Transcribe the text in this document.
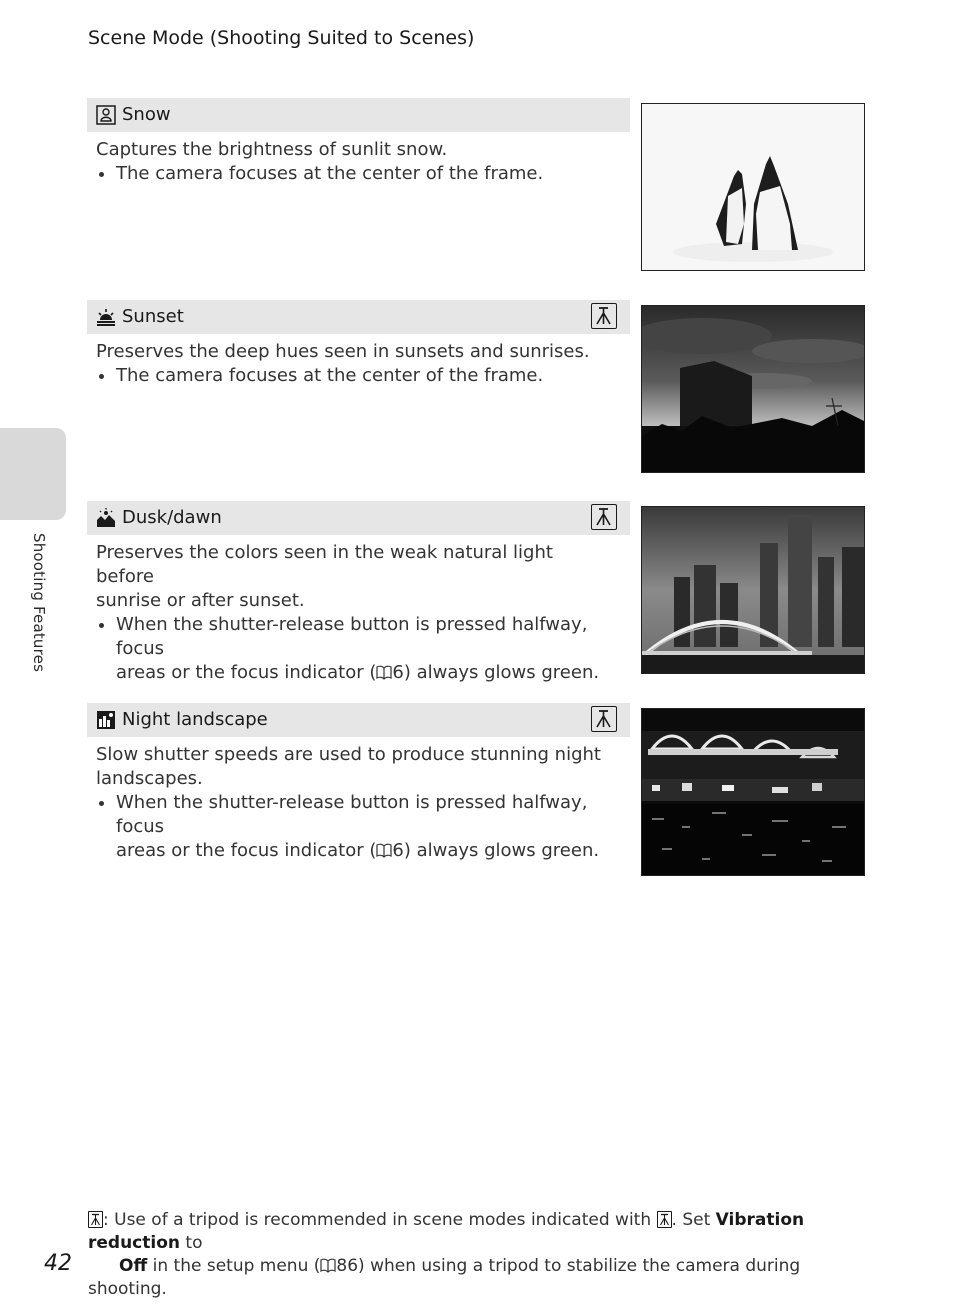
Scene Mode (Shooting Suited to Scenes)
Shooting Features
Snow

Captures the brightness of sunlit snow.

The camera focuses at the center of the frame.

Sunset

Preserves the deep hues seen in sunsets and sunrises.

The camera focuses at the center of the frame.

Dusk/dawn

Preserves the colors seen in the weak natural light before
sunrise or after sunset.

When the shutter-release button is pressed halfway, focus
areas or the focus indicator ( 6) always glows green.

Night landscape

Slow shutter speeds are used to produce stunning night
landscapes.

When the shutter-release button is pressed halfway, focus
areas or the focus indicator ( 6) always glows green.

: Use of a tripod is recommended in scene modes indicated with
. Set Vibration reduction to
Off in the setup menu ( 86) when using a tripod to stabilize the camera during shooting.
42
